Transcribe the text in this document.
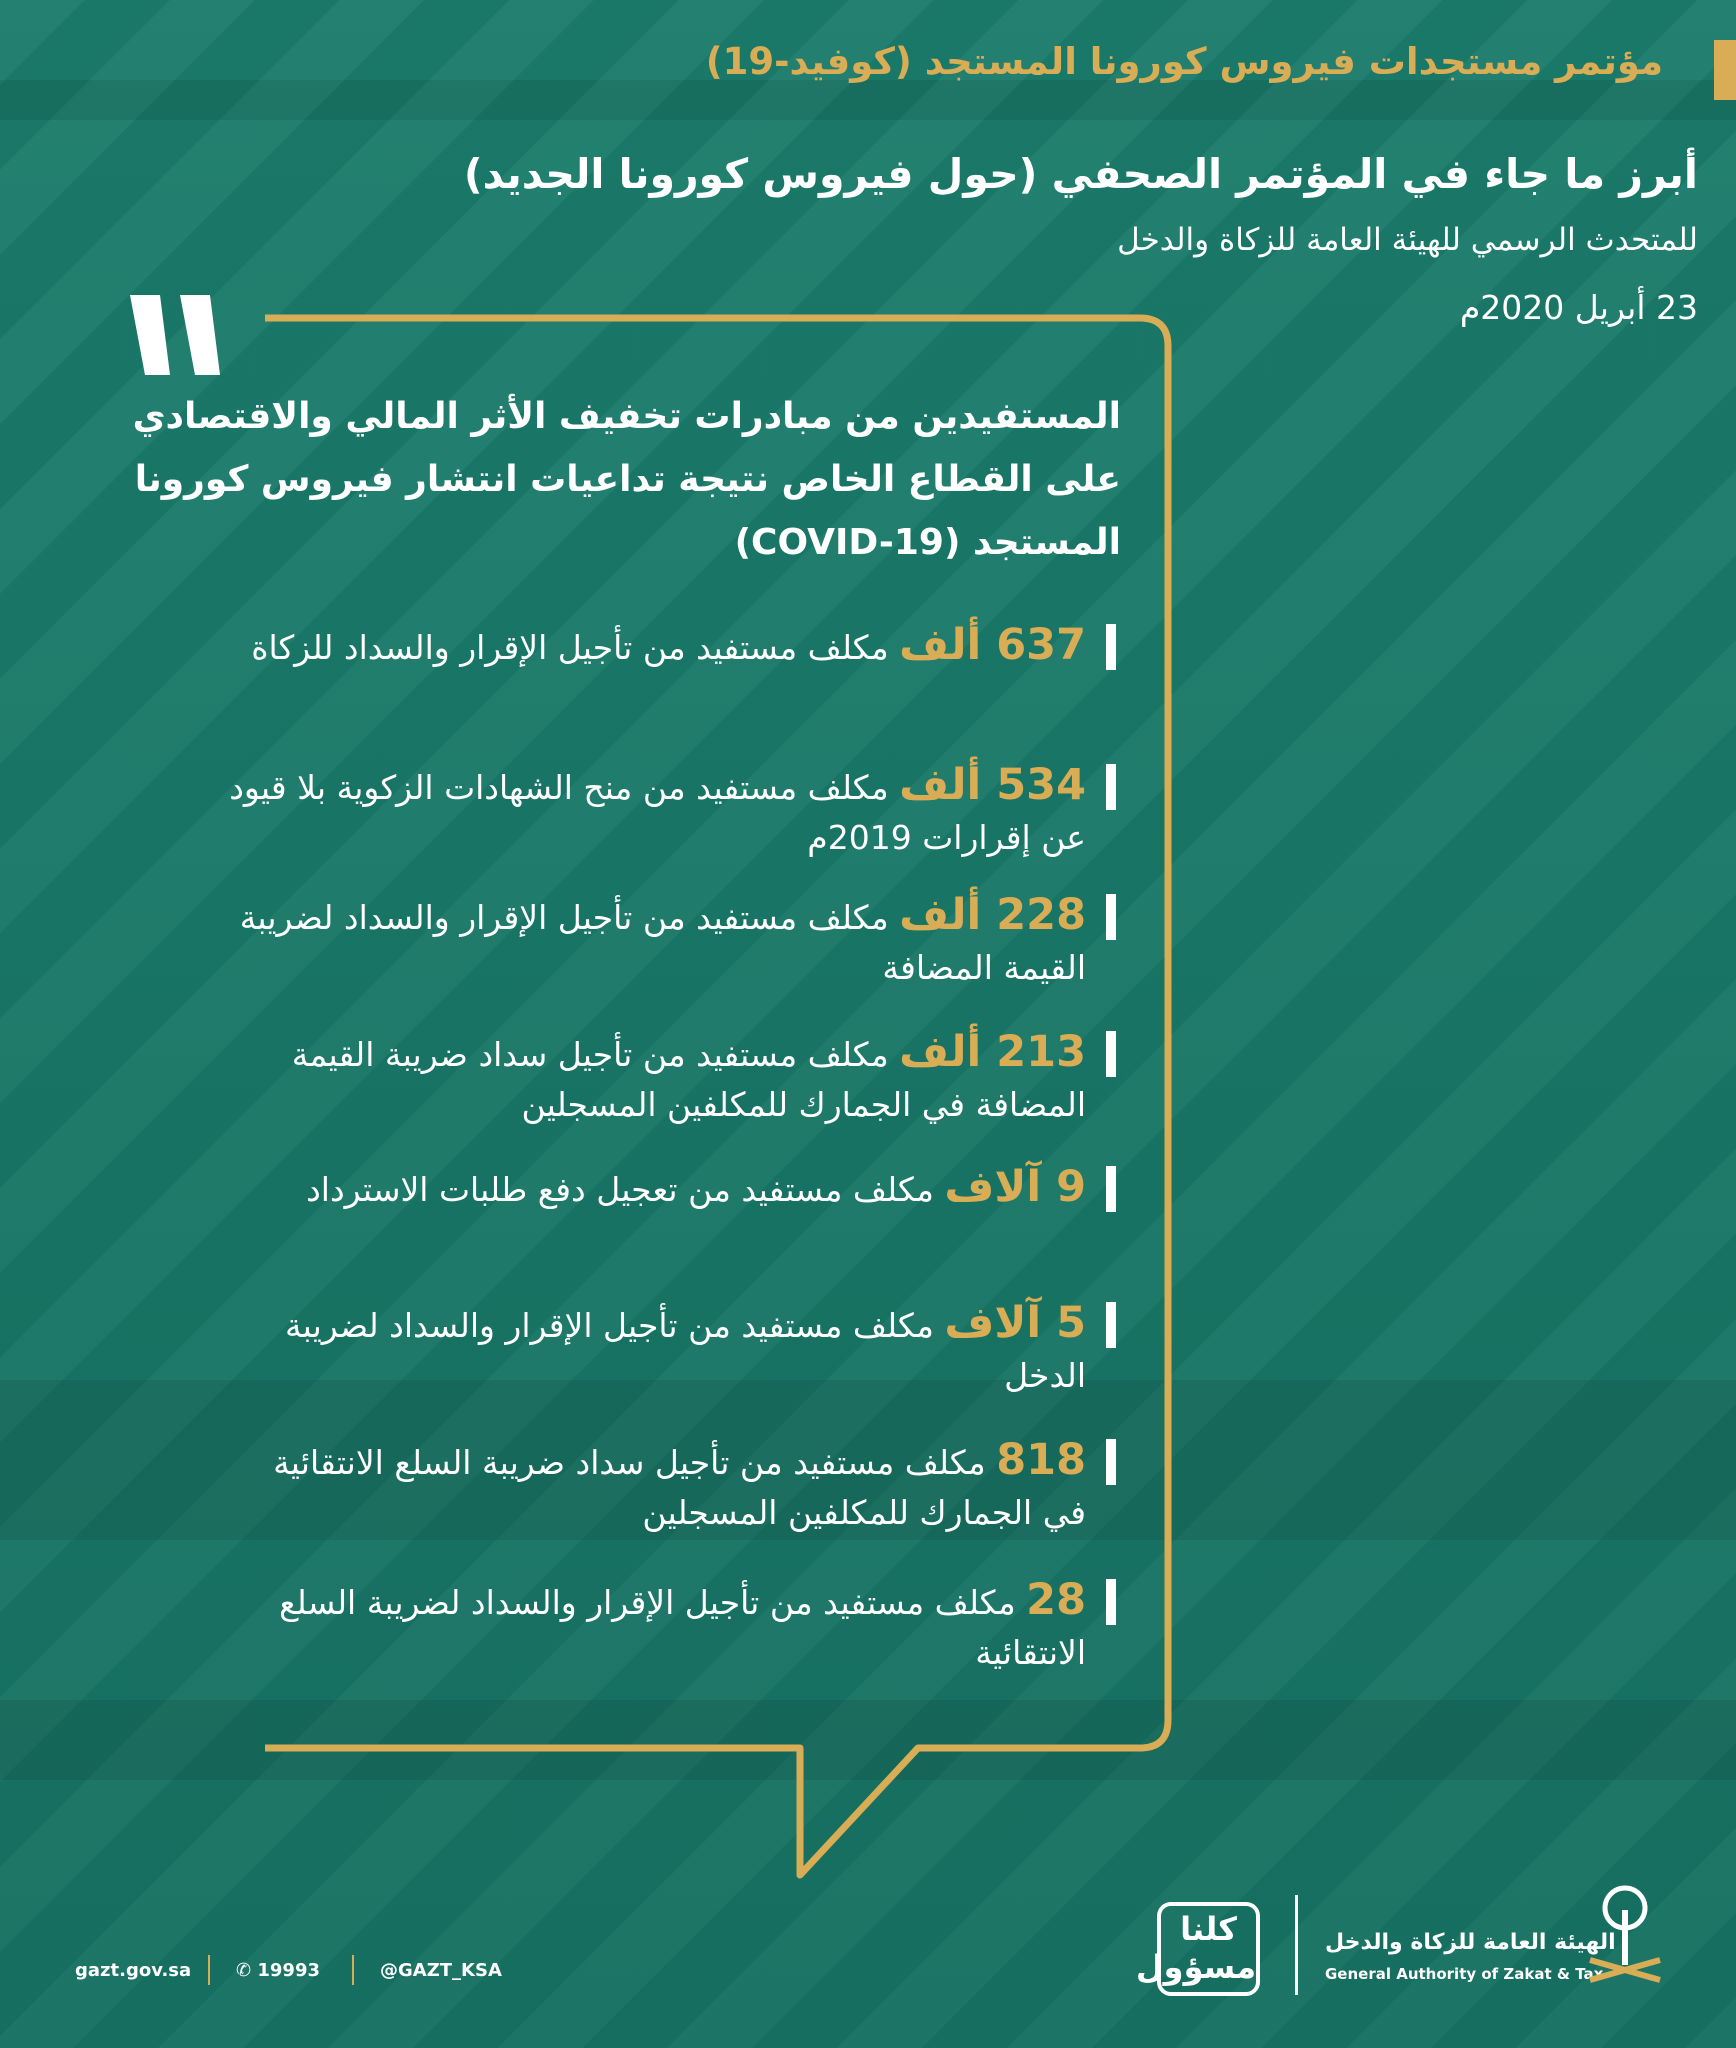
مؤتمر مستجدات فيروس كورونا المستجد (كوفيد-19)
أبرز ما جاء في المؤتمر الصحفي (حول فيروس كورونا الجديد)
للمتحدث الرسمي للهيئة العامة للزكاة والدخل
23 أبريل 2020م
المستفيدين من مبادرات تخفيف الأثر المالي والاقتصادي على القطاع الخاص نتيجة تداعيات انتشار فيروس كورونا المستجد (COVID-19)
637 ألف مكلف مستفيد من تأجيل الإقرار والسداد للزكاة
534 ألف مكلف مستفيد من منح الشهادات الزكوية بلا قيود عن إقرارات 2019م
228 ألف مكلف مستفيد من تأجيل الإقرار والسداد لضريبة القيمة المضافة
213 ألف مكلف مستفيد من تأجيل سداد ضريبة القيمة المضافة في الجمارك للمكلفين المسجلين
9 آلاف مكلف مستفيد من تعجيل دفع طلبات الاسترداد
5 آلاف مكلف مستفيد من تأجيل الإقرار والسداد لضريبة الدخل
818 مكلف مستفيد من تأجيل سداد ضريبة السلع الانتقائية في الجمارك للمكلفين المسجلين
28 مكلف مستفيد من تأجيل الإقرار والسداد لضريبة السلع الانتقائية
gazt.gov.sa ✆ 19993	@GAZT_KSA
كلنا
مسؤول
الهيئة العامة للزكاة والدخل
General Authority of Zakat & Tax
